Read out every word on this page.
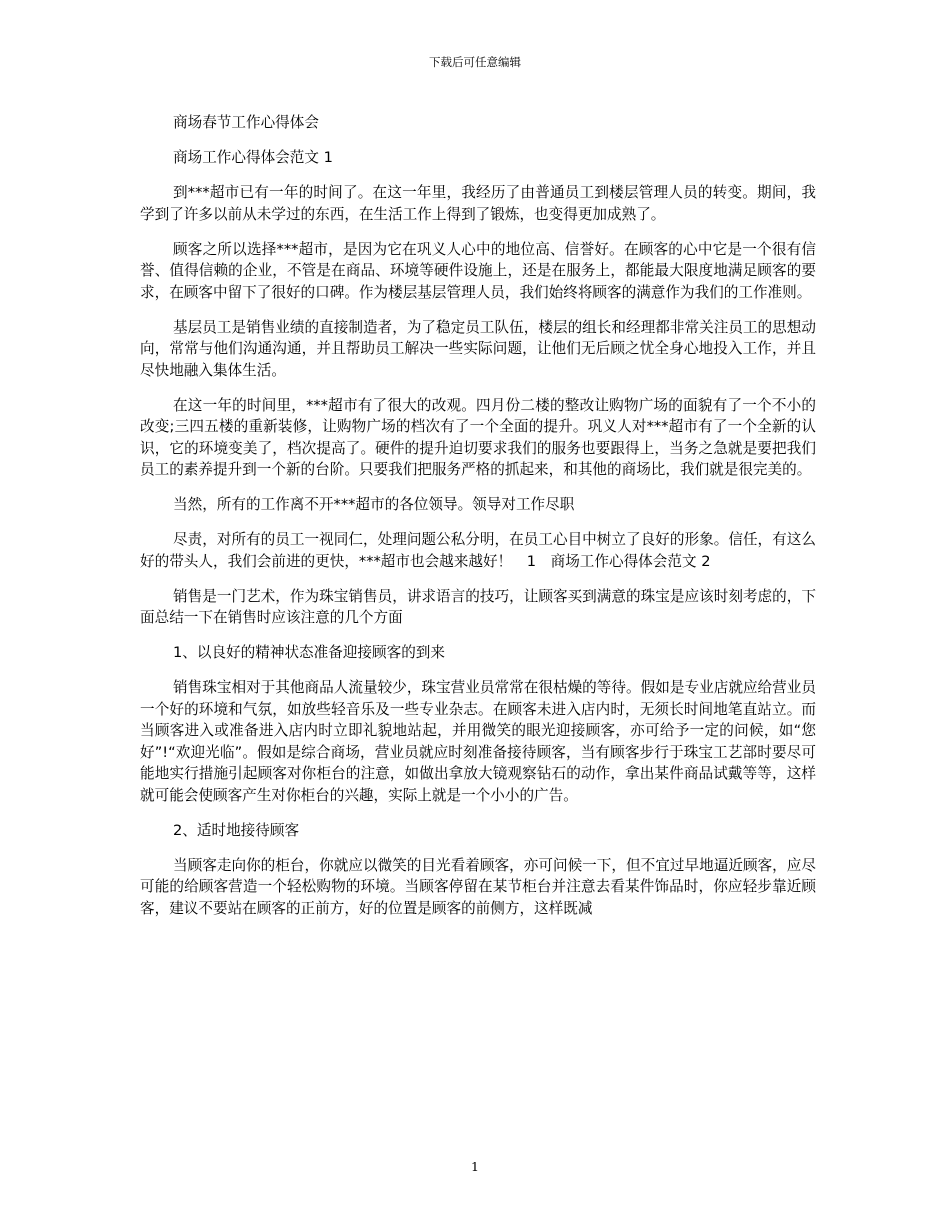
下载后可任意编辑

商场春节工作心得体会

商场工作心得体会范文 1

到***超市已有一年的时间了。在这一年里，我经历了由普通员工到楼层管理人员的转变。期间，我学到了许多以前从未学过的东西，在生活工作上得到了锻炼，也变得更加成熟了。

顾客之所以选择***超市，是因为它在巩义人心中的地位高、信誉好。在顾客的心中它是一个很有信誉、值得信赖的企业，不管是在商品、环境等硬件设施上，还是在服务上，都能最大限度地满足顾客的要求，在顾客中留下了很好的口碑。作为楼层基层管理人员，我们始终将顾客的满意作为我们的工作准则。

基层员工是销售业绩的直接制造者，为了稳定员工队伍，楼层的组长和经理都非常关注员工的思想动向，常常与他们沟通沟通，并且帮助员工解决一些实际问题，让他们无后顾之忧全身心地投入工作，并且尽快地融入集体生活。

在这一年的时间里，***超市有了很大的改观。四月份二楼的整改让购物广场的面貌有了一个不小的改变;三四五楼的重新装修，让购物广场的档次有了一个全面的提升。巩义人对***超市有了一个全新的认识，它的环境变美了，档次提高了。硬件的提升迫切要求我们的服务也要跟得上，当务之急就是要把我们员工的素养提升到一个新的台阶。只要我们把服务严格的抓起来，和其他的商场比，我们就是很完美的。

当然，所有的工作离不开***超市的各位领导。领导对工作尽职

尽责，对所有的员工一视同仁，处理问题公私分明，在员工心目中树立了良好的形象。信任，有这么好的带头人，我们会前进的更快，***超市也会越来越好！　1　商场工作心得体会范文 2

销售是一门艺术，作为珠宝销售员，讲求语言的技巧，让顾客买到满意的珠宝是应该时刻考虑的，下面总结一下在销售时应该注意的几个方面

1、以良好的精神状态准备迎接顾客的到来

销售珠宝相对于其他商品人流量较少，珠宝营业员常常在很枯燥的等待。假如是专业店就应给营业员一个好的环境和气氛，如放些轻音乐及一些专业杂志。在顾客未进入店内时，无须长时间地笔直站立。而当顾客进入或准备进入店内时立即礼貌地站起，并用微笑的眼光迎接顾客，亦可给予一定的问候，如“您好”!“欢迎光临”。假如是综合商场，营业员就应时刻准备接待顾客，当有顾客步行于珠宝工艺部时要尽可能地实行措施引起顾客对你柜台的注意，如做出拿放大镜观察钻石的动作，拿出某件商品试戴等等，这样就可能会使顾客产生对你柜台的兴趣，实际上就是一个小小的广告。

2、适时地接待顾客

当顾客走向你的柜台，你就应以微笑的目光看着顾客，亦可问候一下，但不宜过早地逼近顾客，应尽可能的给顾客营造一个轻松购物的环境。当顾客停留在某节柜台并注意去看某件饰品时，你应轻步靠近顾客，建议不要站在顾客的正前方，好的位置是顾客的前侧方，这样既减

1
